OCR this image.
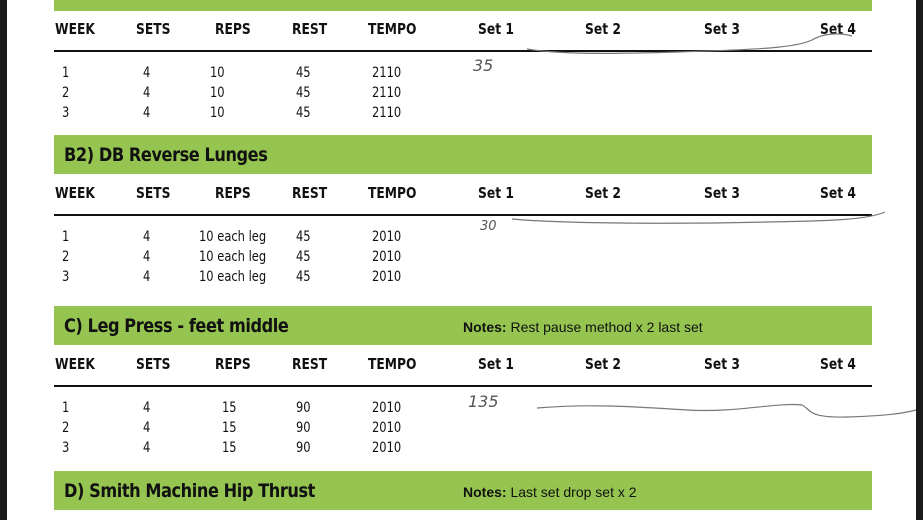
WEEK	SETS	REPS	REST	TEMPO	Set 1	Set 2	Set 3	Set 4
1	4	10	45	2110
2	4	10	45	2110
3	4	10	45	2110
35
B2) DB Reverse Lunges
WEEK	SETS	REPS	REST	TEMPO	Set 1	Set 2	Set 3	Set 4
1	4	10 each leg 45	2010
2	4	10 each leg 45	2010
3	4	10 each leg 45	2010
30
C) Leg Press - feet middle	Notes: Rest pause method x 2 last set
WEEK	SETS	REPS	REST	TEMPO	Set 1	Set 2	Set 3	Set 4
1	4	15	90	2010
2	4	15	90	2010
3	4	15	90	2010
135
D) Smith Machine Hip Thrust	Notes: Last set drop set x 2
